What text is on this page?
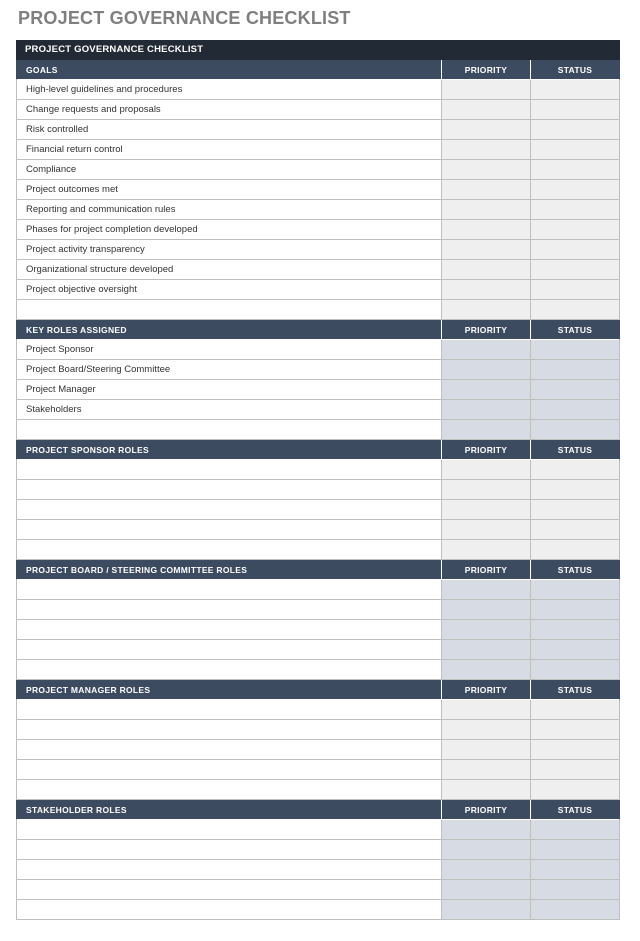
PROJECT GOVERNANCE CHECKLIST
PROJECT GOVERNANCE CHECKLIST
GOALS	PRIORITY	STATUS
High-level guidelines and procedures
Change requests and proposals
Risk controlled
Financial return control
Compliance
Project outcomes met
Reporting and communication rules
Phases for project completion developed
Project activity transparency
Organizational structure developed
Project objective oversight
KEY ROLES ASSIGNED	PRIORITY	STATUS
Project Sponsor
Project Board/Steering Committee
Project Manager
Stakeholders
PROJECT SPONSOR ROLES	PRIORITY	STATUS
PROJECT BOARD / STEERING COMMITTEE ROLES	PRIORITY	STATUS
PROJECT MANAGER ROLES	PRIORITY	STATUS
STAKEHOLDER ROLES	PRIORITY	STATUS
